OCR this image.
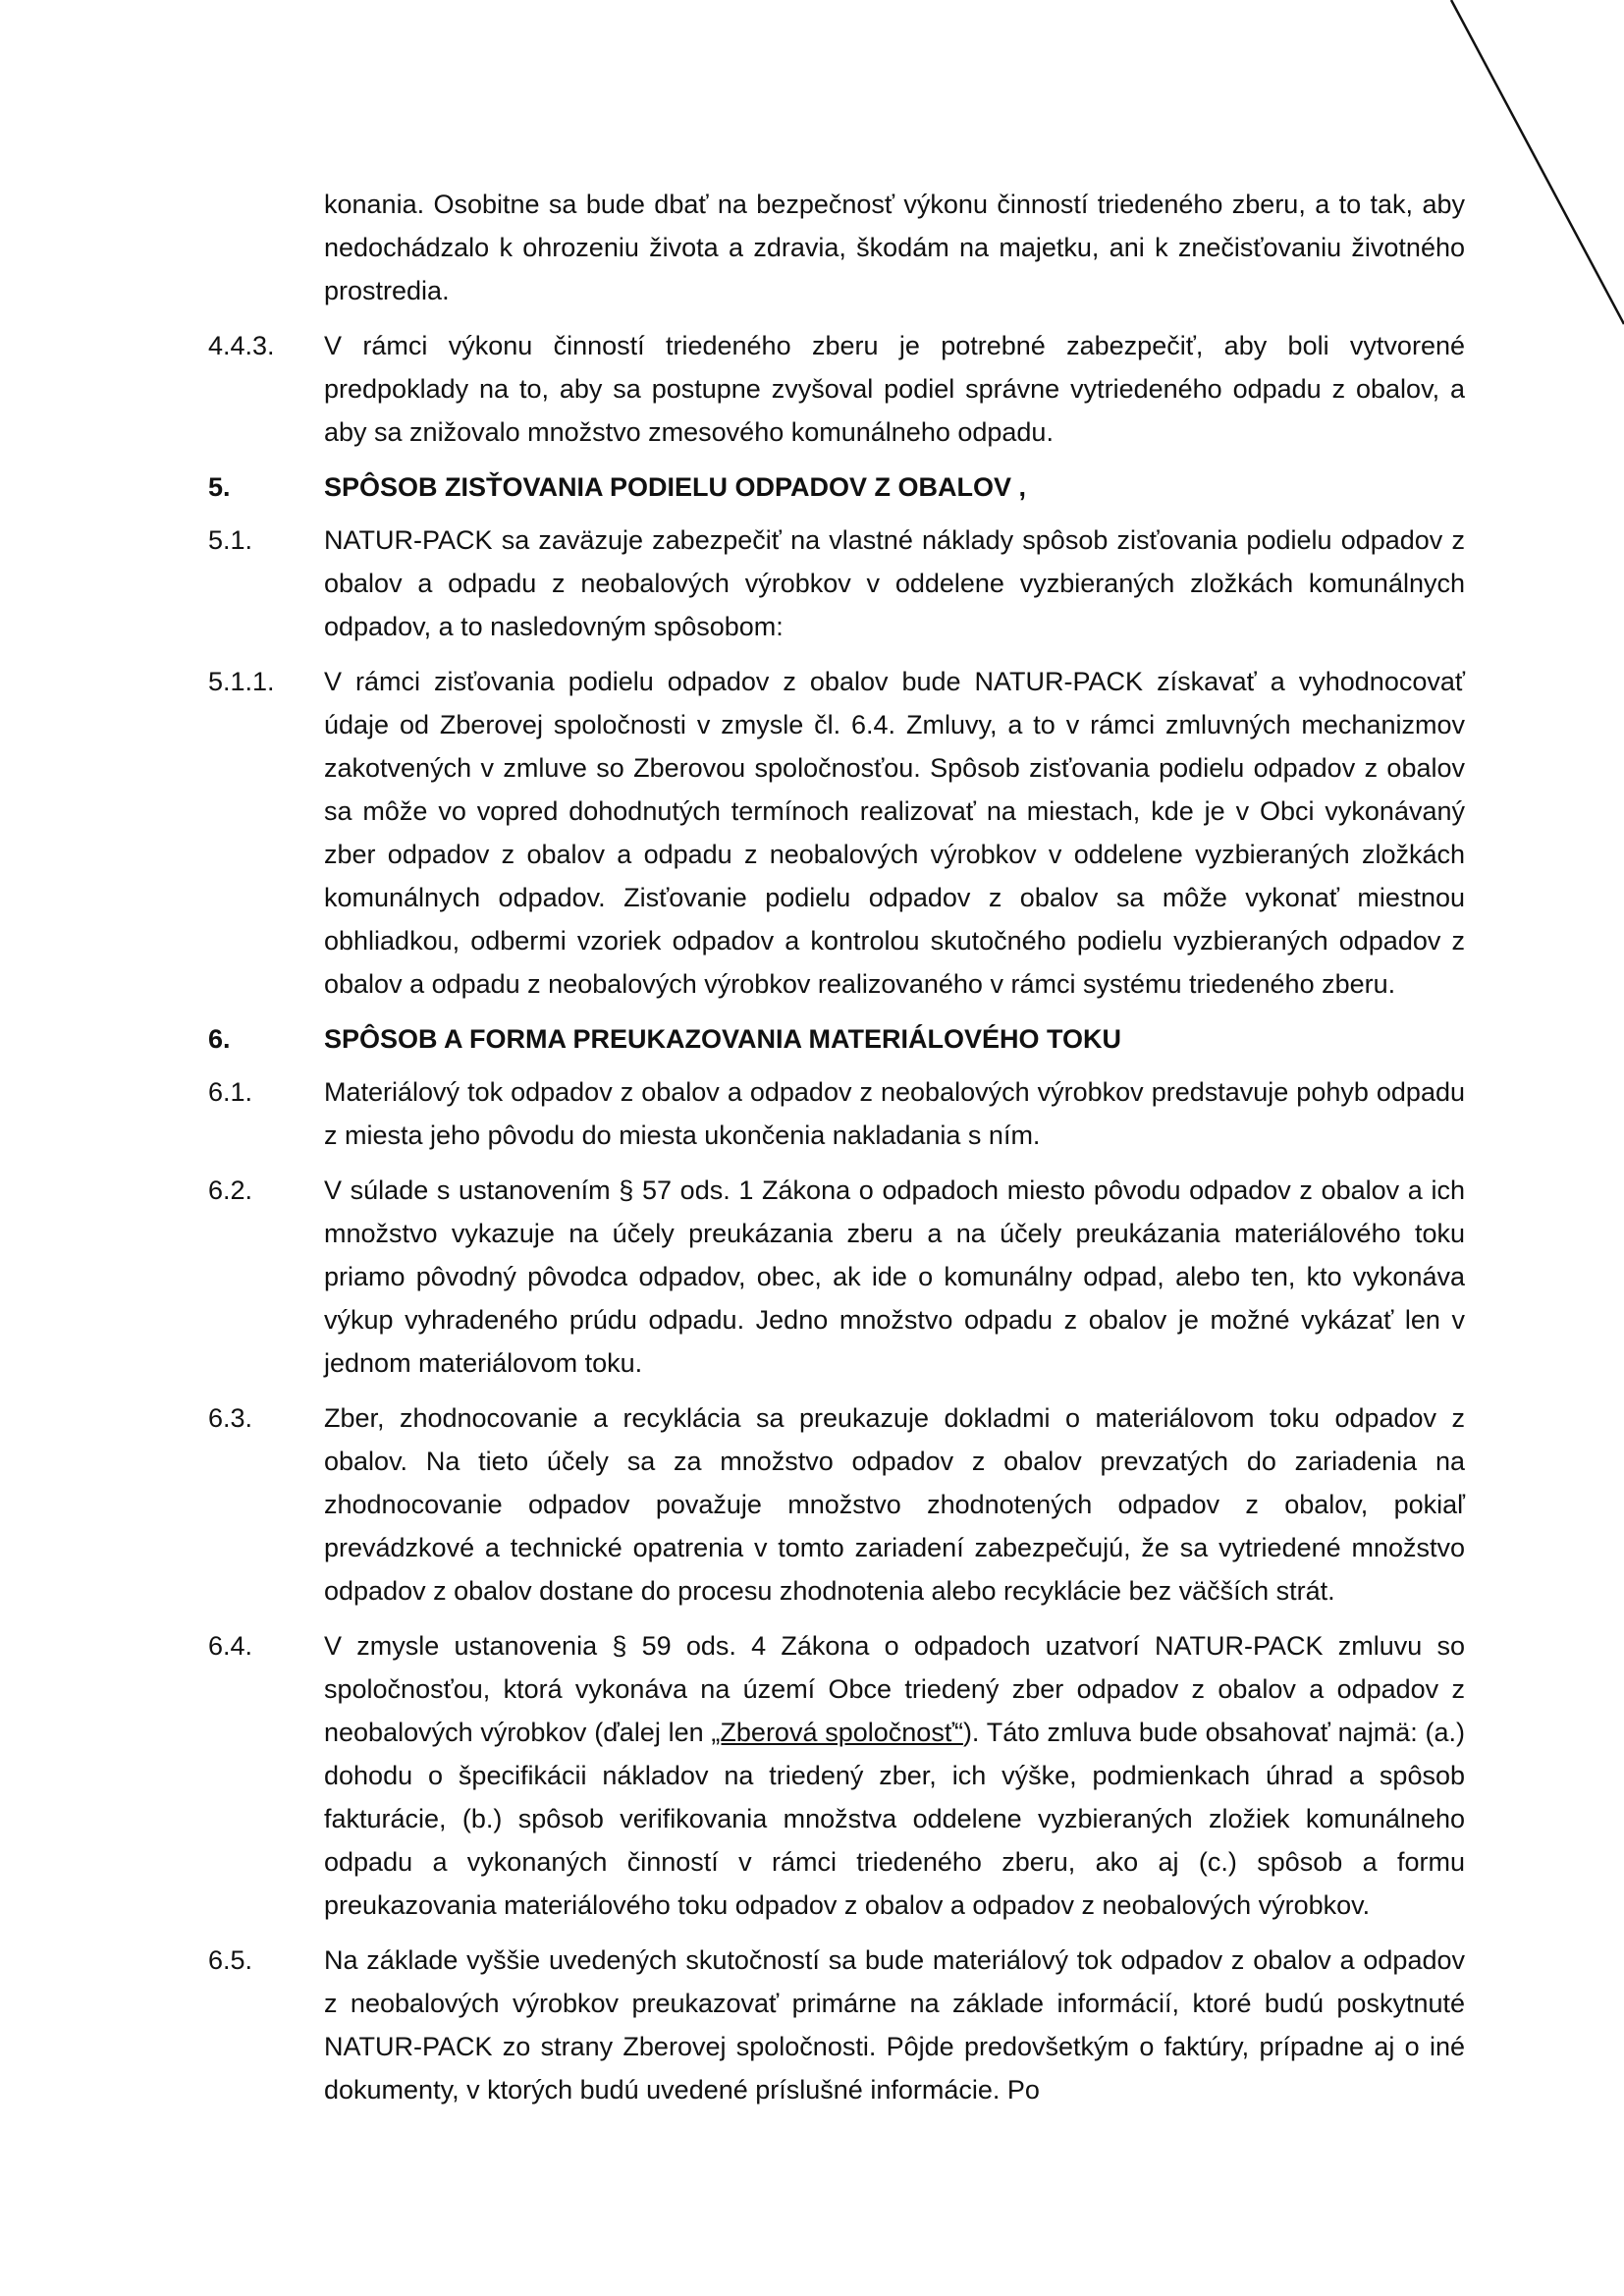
konania. Osobitne sa bude dbať na bezpečnosť výkonu činností triedeného zberu, a to tak, aby nedochádzalo k ohrozeniu života a zdravia, škodám na majetku, ani k znečisťovaniu životného prostredia.
4.4.3.	V rámci výkonu činností triedeného zberu je potrebné zabezpečiť, aby boli vytvorené predpoklady na to, aby sa postupne zvyšoval podiel správne vytriedeného odpadu z obalov, a aby sa znižovalo množstvo zmesového komunálneho odpadu.
5.	SPÔSOB ZISŤOVANIA PODIELU ODPADOV Z OBALOV ,
5.1.	NATUR-PACK sa zaväzuje zabezpečiť na vlastné náklady spôsob zisťovania podielu odpadov z obalov a odpadu z neobalových výrobkov v oddelene vyzbieraných zložkách komunálnych odpadov, a to nasledovným spôsobom:
5.1.1.	V rámci zisťovania podielu odpadov z obalov bude NATUR-PACK získavať a vyhodnocovať údaje od Zberovej spoločnosti v zmysle čl. 6.4. Zmluvy, a to v rámci zmluvných mechanizmov zakotvených v zmluve so Zberovou spoločnosťou. Spôsob zisťovania podielu odpadov z obalov sa môže vo vopred dohodnutých termínoch realizovať na miestach, kde je v Obci vykonávaný zber odpadov z obalov a odpadu z neobalových výrobkov v oddelene vyzbieraných zložkách komunálnych odpadov. Zisťovanie podielu odpadov z obalov sa môže vykonať miestnou obhliadkou, odbermi vzoriek odpadov a kontrolou skutočného podielu vyzbieraných odpadov z obalov a odpadu z neobalových výrobkov realizovaného v rámci systému triedeného zberu.
6.	SPÔSOB A FORMA PREUKAZOVANIA MATERIÁLOVÉHO TOKU
6.1.	Materiálový tok odpadov z obalov a odpadov z neobalových výrobkov predstavuje pohyb odpadu z miesta jeho pôvodu do miesta ukončenia nakladania s ním.
6.2.	V súlade s ustanovením § 57 ods. 1 Zákona o odpadoch miesto pôvodu odpadov z obalov a ich množstvo vykazuje na účely preukázania zberu a na účely preukázania materiálového toku priamo pôvodný pôvodca odpadov, obec, ak ide o komunálny odpad, alebo ten, kto vykonáva výkup vyhradeného prúdu odpadu. Jedno množstvo odpadu z obalov je možné vykázať len v jednom materiálovom toku.
6.3.	Zber, zhodnocovanie a recyklácia sa preukazuje dokladmi o materiálovom toku odpadov z obalov. Na tieto účely sa za množstvo odpadov z obalov prevzatých do zariadenia na zhodnocovanie odpadov považuje množstvo zhodnotených odpadov z obalov, pokiaľ prevádzkové a technické opatrenia v tomto zariadení zabezpečujú, že sa vytriedené množstvo odpadov z obalov dostane do procesu zhodnotenia alebo recyklácie bez väčších strát.
6.4.	V zmysle ustanovenia § 59 ods. 4 Zákona o odpadoch uzatvorí NATUR-PACK zmluvu so spoločnosťou, ktorá vykonáva na území Obce triedený zber odpadov z obalov a odpadov z neobalových výrobkov (ďalej len „Zberová spoločnosť“). Táto zmluva bude obsahovať najmä: (a.) dohodu o špecifikácii nákladov na triedený zber, ich výške, podmienkach úhrad a spôsob fakturácie, (b.) spôsob verifikovania množstva oddelene vyzbieraných zložiek komunálneho odpadu a vykonaných činností v rámci triedeného zberu, ako aj (c.) spôsob a formu preukazovania materiálového toku odpadov z obalov a odpadov z neobalových výrobkov.
6.5.	Na základe vyššie uvedených skutočností sa bude materiálový tok odpadov z obalov a odpadov z neobalových výrobkov preukazovať primárne na základe informácií, ktoré budú poskytnuté NATUR-PACK zo strany Zberovej spoločnosti. Pôjde predovšetkým o faktúry, prípadne aj o iné dokumenty, v ktorých budú uvedené príslušné informácie. Po
